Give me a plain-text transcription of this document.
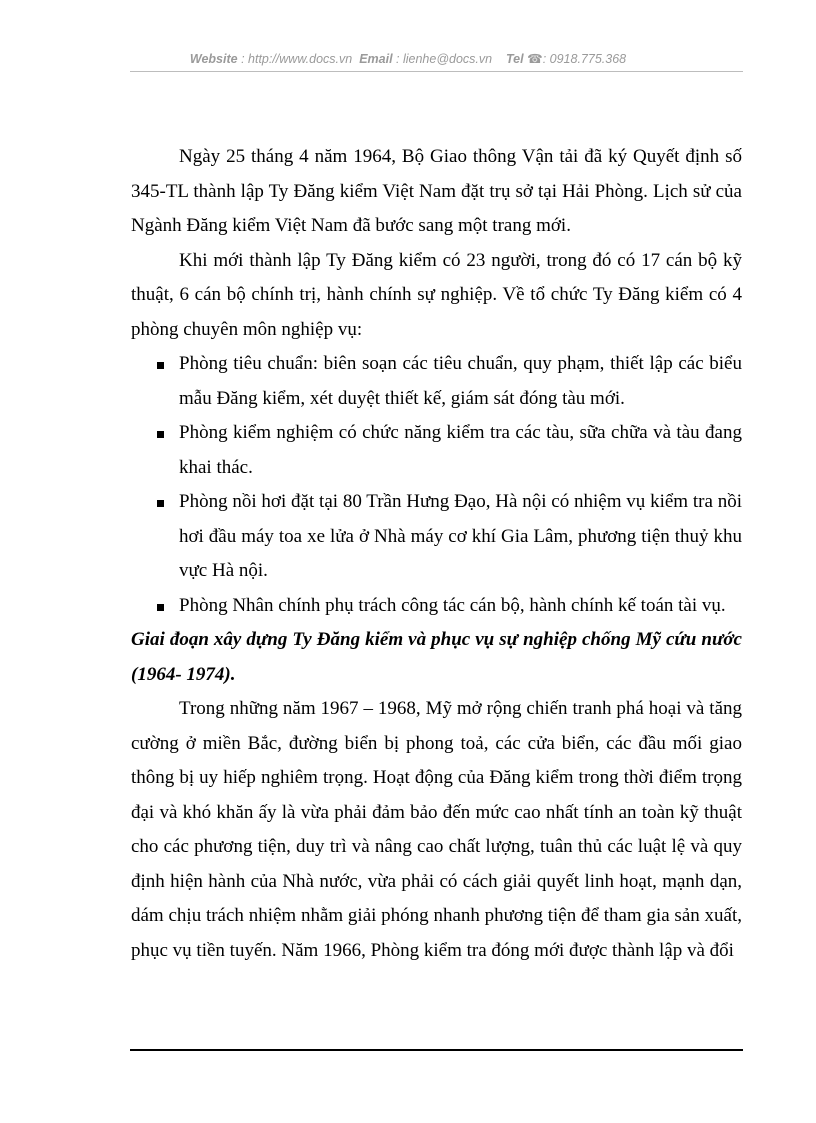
Website : http://www.docs.vn Email : lienhe@docs.vn Tel ☎: 0918.775.368

Ngày 25 tháng 4 năm 1964, Bộ Giao thông Vận tải đã ký Quyết định số 345-TL thành lập Ty Đăng kiểm Việt Nam đặt trụ sở tại Hải Phòng. Lịch sử của Ngành Đăng kiểm Việt Nam đã bước sang một trang mới.

Khi mới thành lập Ty Đăng kiểm có 23 người, trong đó có 17 cán bộ kỹ thuật, 6 cán bộ chính trị, hành chính sự nghiệp. Về tổ chức Ty Đăng kiểm có 4 phòng chuyên môn nghiệp vụ:

Phòng tiêu chuẩn: biên soạn các tiêu chuẩn, quy phạm, thiết lập các biểu mẫu Đăng kiểm, xét duyệt thiết kế, giám sát đóng tàu mới.
Phòng kiểm nghiệm có chức năng kiểm tra các tàu, sữa chữa và tàu đang khai thác.
Phòng nồi hơi đặt tại 80 Trần Hưng Đạo, Hà nội có nhiệm vụ kiểm tra nồi hơi đầu máy toa xe lửa ở Nhà máy cơ khí Gia Lâm, phương tiện thuỷ khu vực Hà nội.
Phòng Nhân chính phụ trách công tác cán bộ, hành chính kế toán tài vụ.

Giai đoạn xây dựng Ty Đăng kiểm và phục vụ sự nghiệp chống Mỹ cứu nước (1964- 1974).

Trong những năm 1967 – 1968, Mỹ mở rộng chiến tranh phá hoại và tăng cường ở miền Bắc, đường biển bị phong toả, các cửa biển, các đầu mối giao thông bị uy hiếp nghiêm trọng. Hoạt động của Đăng kiểm trong thời điểm trọng đại và khó khăn ấy là vừa phải đảm bảo đến mức cao nhất tính an toàn kỹ thuật cho các phương tiện, duy trì và nâng cao chất lượng, tuân thủ các luật lệ và quy định hiện hành của Nhà nước, vừa phải có cách giải quyết linh hoạt, mạnh dạn, dám chịu trách nhiệm nhằm giải phóng nhanh phương tiện để tham gia sản xuất, phục vụ tiền tuyến. Năm 1966, Phòng kiểm tra đóng mới được thành lập và đổi
